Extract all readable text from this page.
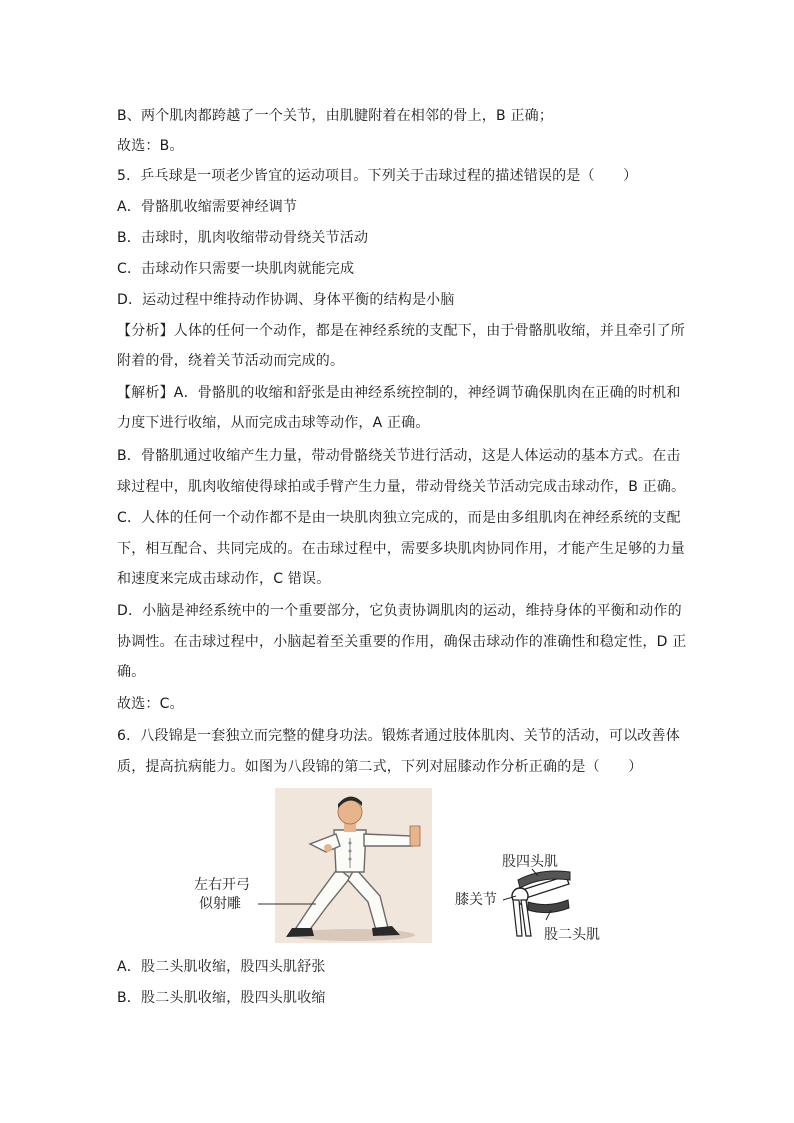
B、两个肌肉都跨越了一个关节，由肌腱附着在相邻的骨上，B 正确；
故选：B。
5．乒乓球是一项老少皆宜的运动项目。下列关于击球过程的描述错误的是（　　）
A．骨骼肌收缩需要神经调节
B．击球时，肌肉收缩带动骨绕关节活动
C．击球动作只需要一块肌肉就能完成
D．运动过程中维持动作协调、身体平衡的结构是小脑
【分析】人体的任何一个动作，都是在神经系统的支配下，由于骨骼肌收缩，并且牵引了所
附着的骨，绕着关节活动而完成的。
【解析】A．骨骼肌的收缩和舒张是由神经系统控制的，神经调节确保肌肉在正确的时机和
力度下进行收缩，从而完成击球等动作，A 正确。
B．骨骼肌通过收缩产生力量，带动骨骼绕关节进行活动，这是人体运动的基本方式。在击
球过程中，肌肉收缩使得球拍或手臂产生力量，带动骨绕关节活动完成击球动作，B 正确。
C．人体的任何一个动作都不是由一块肌肉独立完成的，而是由多组肌肉在神经系统的支配
下，相互配合、共同完成的。在击球过程中，需要多块肌肉协同作用，才能产生足够的力量
和速度来完成击球动作，C 错误。
D．小脑是神经系统中的一个重要部分，它负责协调肌肉的运动，维持身体的平衡和动作的
协调性。在击球过程中，小脑起着至关重要的作用，确保击球动作的准确性和稳定性，D 正
确。
故选：C。
6．八段锦是一套独立而完整的健身功法。锻炼者通过肢体肌肉、关节的活动，可以改善体
质，提高抗病能力。如图为八段锦的第二式，下列对屈膝动作分析正确的是（　　）
左右开弓
似射雕
股四头肌
膝关节
股二头肌
A．股二头肌收缩，股四头肌舒张
B．股二头肌收缩，股四头肌收缩
